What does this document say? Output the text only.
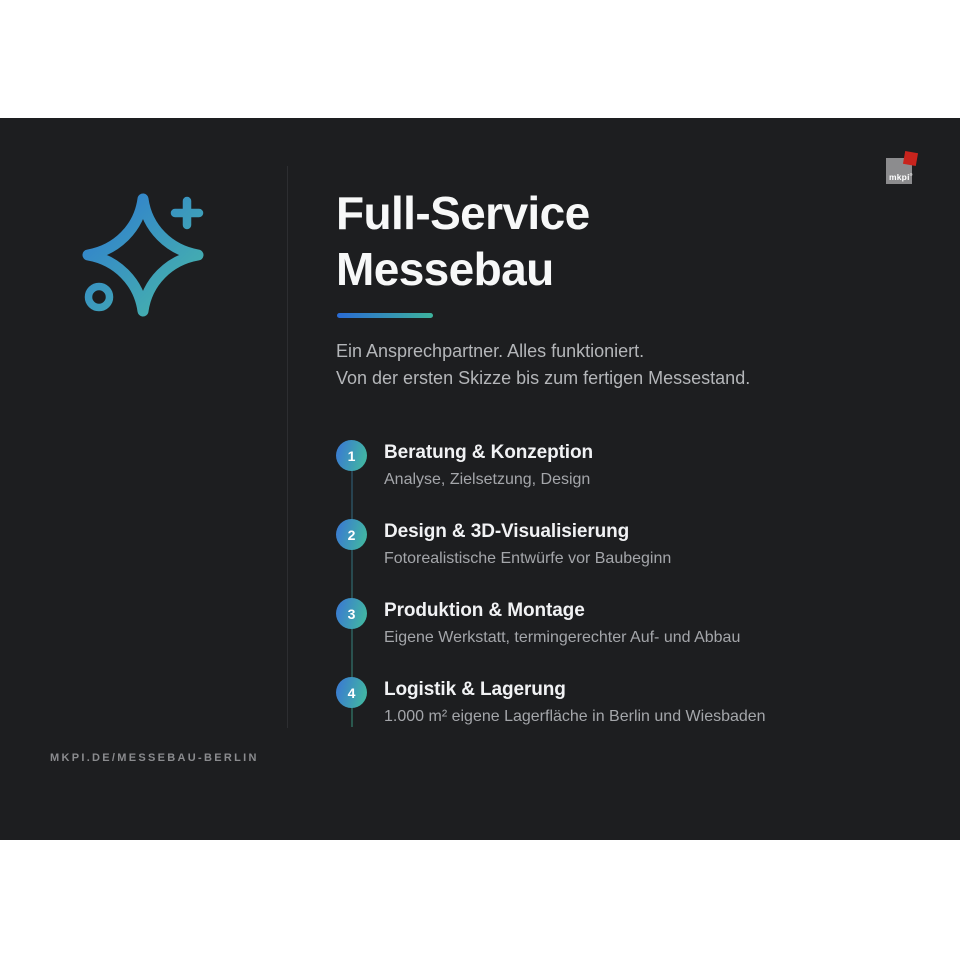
mkpi®
Full-Service
Messebau

Ein Ansprechpartner. Alles funktioniert.
Von der ersten Skizze bis zum fertigen Messestand.

1	Beratung & Konzeption

Analyse, Zielsetzung, Design

2	Design & 3D-Visualisierung

Fotorealistische Entwürfe vor Baubeginn

3	Produktion & Montage

Eigene Werkstatt, termingerechter Auf- und Abbau

4	Logistik & Lagerung

1.000 m² eigene Lagerfläche in Berlin und Wiesbaden

MKPI.DE/MESSEBAU-BERLIN
